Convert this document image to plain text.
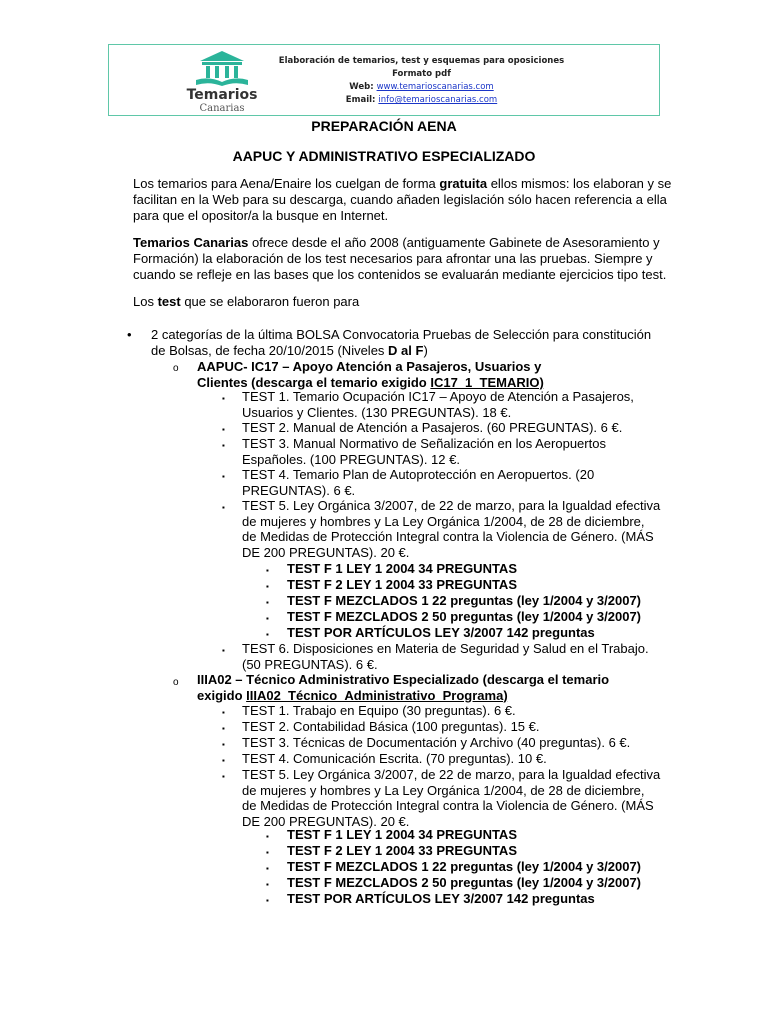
Temarios
Canarias
Elaboración de temarios, test y esquemas para oposiciones
Formato pdf
Web: www.temarioscanarias.com
Email: info@temarioscanarias.com
PREPARACIÓN AENA
AAPUC Y ADMINISTRATIVO ESPECIALIZADO
Los temarios para Aena/Enaire los cuelgan de forma gratuita ellos mismos: los elaboran y se facilitan en la Web para su descarga, cuando añaden legislación sólo hacen referencia a ella para que el opositor/a la busque en Internet.
Temarios Canarias ofrece desde el año 2008 (antiguamente Gabinete de Asesoramiento y Formación) la elaboración de los test necesarios para afrontar una las pruebas. Siempre y cuando se refleje en las bases que los contenidos se evaluarán mediante ejercicios tipo test.
Los test que se elaboraron fueron para
• 2 categorías de la última BOLSA Convocatoria Pruebas de Selección para constitución de Bolsas, de fecha 20/10/2015 (Niveles D al F)
o AAPUC- IC17 – Apoyo Atención a Pasajeros, Usuarios y
Clientes (descarga el temario exigido IC17_1_TEMARIO)
▪ TEST 1. Temario Ocupación IC17 – Apoyo de Atención a Pasajeros, Usuarios y Clientes. (130 PREGUNTAS). 18 €.
▪ TEST 2. Manual de Atención a Pasajeros. (60 PREGUNTAS). 6 €.
▪ TEST 3. Manual Normativo de Señalización en los Aeropuertos Españoles. (100 PREGUNTAS). 12 €.
▪ TEST 4. Temario Plan de Autoprotección en Aeropuertos. (20 PREGUNTAS). 6 €.
▪ TEST 5. Ley Orgánica 3/2007, de 22 de marzo, para la Igualdad efectiva de mujeres y hombres y La Ley Orgánica 1/2004, de 28 de diciembre, de Medidas de Protección Integral contra la Violencia de Género. (MÁS DE 200 PREGUNTAS). 20 €.
▪ TEST F 1 LEY 1 2004 34 PREGUNTAS
▪ TEST F 2 LEY 1 2004 33 PREGUNTAS
▪ TEST F MEZCLADOS 1 22 preguntas (ley 1/2004 y 3/2007)
▪ TEST F MEZCLADOS 2 50 preguntas (ley 1/2004 y 3/2007)
▪ TEST POR ARTÍCULOS LEY 3/2007 142 preguntas
▪ TEST 6. Disposiciones en Materia de Seguridad y Salud en el Trabajo. (50 PREGUNTAS). 6 €.
o IIIA02 – Técnico Administrativo Especializado (descarga el temario
exigido IIIA02_Técnico_Administrativo_Programa)
▪ TEST 1. Trabajo en Equipo (30 preguntas). 6 €.
▪ TEST 2. Contabilidad Básica (100 preguntas). 15 €.
▪ TEST 3. Técnicas de Documentación y Archivo (40 preguntas). 6 €.
▪ TEST 4. Comunicación Escrita. (70 preguntas). 10 €.
▪ TEST 5. Ley Orgánica 3/2007, de 22 de marzo, para la Igualdad efectiva de mujeres y hombres y La Ley Orgánica 1/2004, de 28 de diciembre, de Medidas de Protección Integral contra la Violencia de Género. (MÁS DE 200 PREGUNTAS). 20 €.
▪ TEST F 1 LEY 1 2004 34 PREGUNTAS
▪ TEST F 2 LEY 1 2004 33 PREGUNTAS
▪ TEST F MEZCLADOS 1 22 preguntas (ley 1/2004 y 3/2007)
▪ TEST F MEZCLADOS 2 50 preguntas (ley 1/2004 y 3/2007)
▪ TEST POR ARTÍCULOS LEY 3/2007 142 preguntas
